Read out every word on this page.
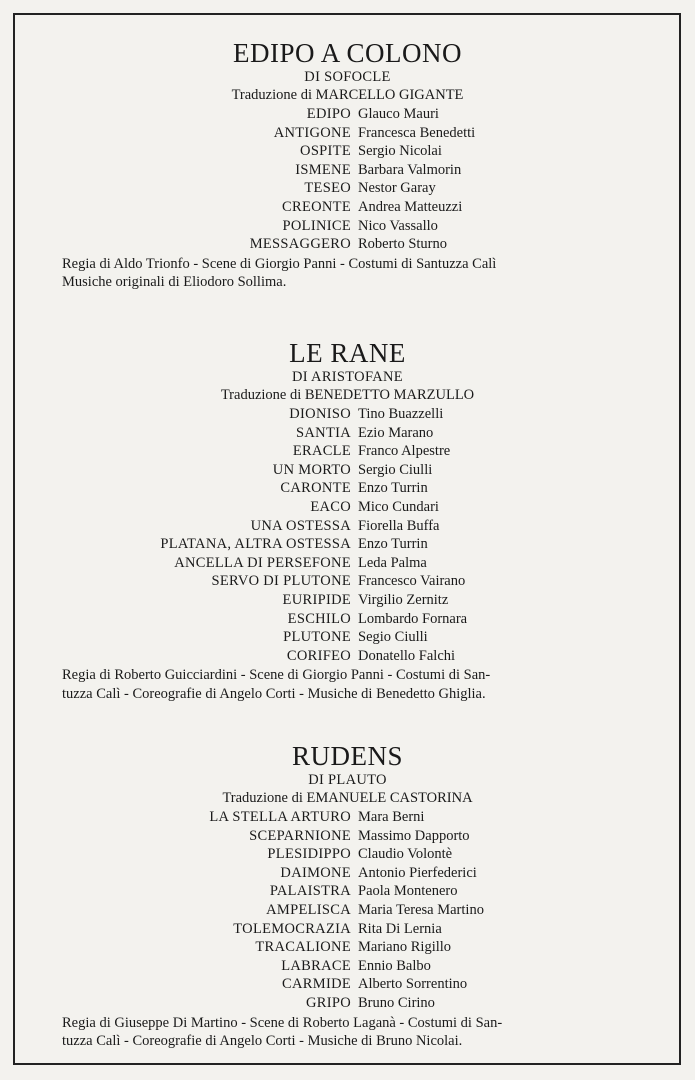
EDIPO A COLONO
DI SOFOCLE
Traduzione di MARCELLO GIGANTE
EDIPO Glauco Mauri
ANTIGONE Francesca Benedetti
OSPITE Sergio Nicolai
ISMENE Barbara Valmorin
TESEO Nestor Garay
CREONTE Andrea Matteuzzi
POLINICE Nico Vassallo
MESSAGGERO Roberto Sturno
Regia di Aldo Trionfo - Scene di Giorgio Panni - Costumi di Santuzza Calì
Musiche originali di Eliodoro Sollima.
LE RANE
DI ARISTOFANE
Traduzione di BENEDETTO MARZULLO
DIONISO Tino Buazzelli
SANTIA Ezio Marano
ERACLE Franco Alpestre
UN MORTO Sergio Ciulli
CARONTE Enzo Turrin
EACO Mico Cundari
UNA OSTESSA Fiorella Buffa
PLATANA, ALTRA OSTESSA Enzo Turrin
ANCELLA DI PERSEFONE Leda Palma
SERVO DI PLUTONE Francesco Vairano
EURIPIDE Virgilio Zernitz
ESCHILO Lombardo Fornara
PLUTONE Segio Ciulli
CORIFEO Donatello Falchi
Regia di Roberto Guicciardini - Scene di Giorgio Panni - Costumi di San-
tuzza Calì - Coreografie di Angelo Corti - Musiche di Benedetto Ghiglia.
RUDENS
DI PLAUTO
Traduzione di EMANUELE CASTORINA
LA STELLA ARTURO Mara Berni
SCEPARNIONE Massimo Dapporto
PLESIDIPPO Claudio Volontè
DAIMONE Antonio Pierfederici
PALAISTRA Paola Montenero
AMPELISCA Maria Teresa Martino
TOLEMOCRAZIA Rita Di Lernia
TRACALIONE Mariano Rigillo
LABRACE Ennio Balbo
CARMIDE Alberto Sorrentino
GRIPO Bruno Cirino
Regia di Giuseppe Di Martino - Scene di Roberto Laganà - Costumi di San-
tuzza Calì - Coreografie di Angelo Corti - Musiche di Bruno Nicolai.
